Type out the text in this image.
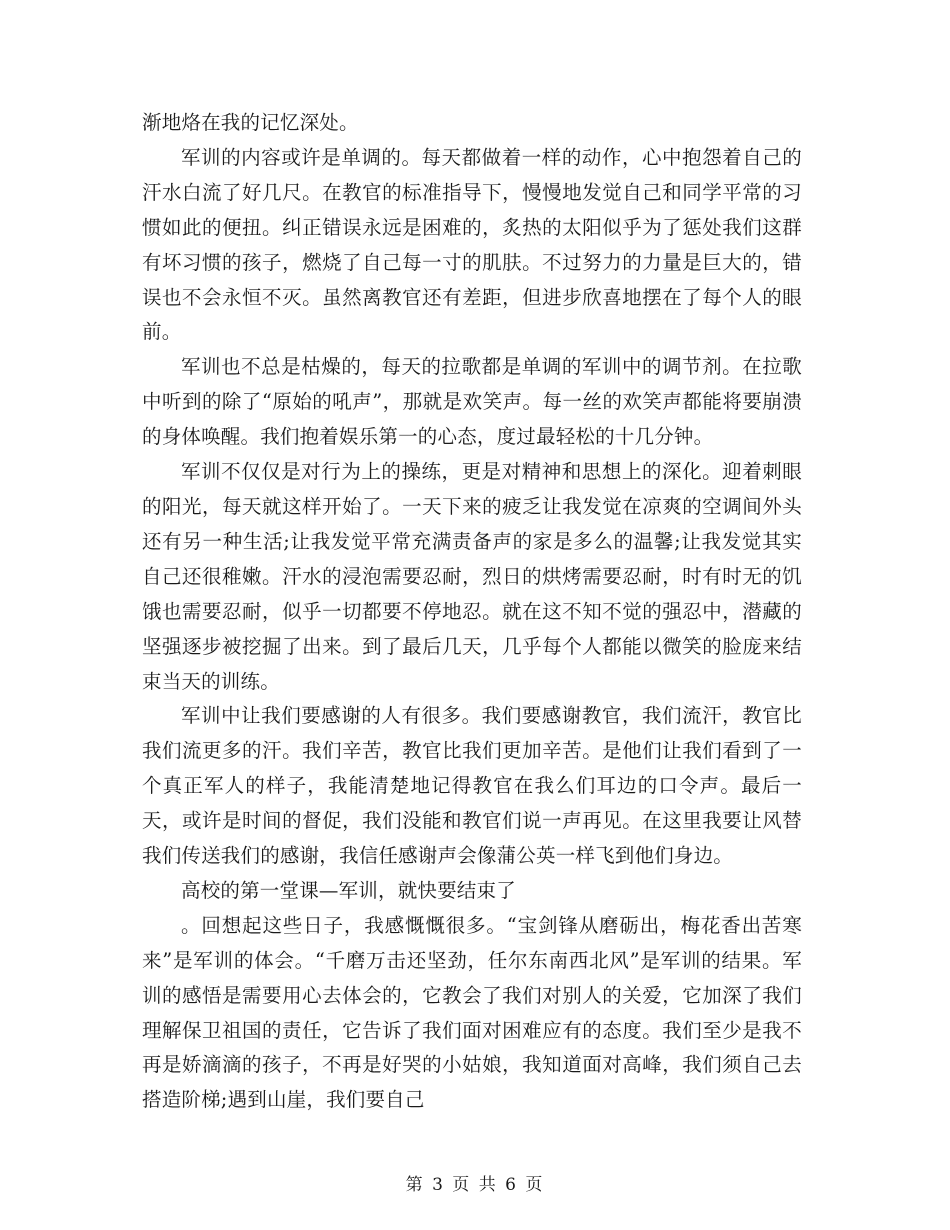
渐地烙在我的记忆深处。

军训的内容或许是单调的。每天都做着一样的动作，心中抱怨着自己的汗水白流了好几尺。在教官的标准指导下，慢慢地发觉自己和同学平常的习惯如此的便扭。纠正错误永远是困难的，炙热的太阳似乎为了惩处我们这群有坏习惯的孩子，燃烧了自己每一寸的肌肤。不过努力的力量是巨大的，错误也不会永恒不灭。虽然离教官还有差距，但进步欣喜地摆在了每个人的眼前。

军训也不总是枯燥的，每天的拉歌都是单调的军训中的调节剂。在拉歌中听到的除了“原始的吼声”，那就是欢笑声。每一丝的欢笑声都能将要崩溃的身体唤醒。我们抱着娱乐第一的心态，度过最轻松的十几分钟。

军训不仅仅是对行为上的操练，更是对精神和思想上的深化。迎着刺眼的阳光，每天就这样开始了。一天下来的疲乏让我发觉在凉爽的空调间外头还有另一种生活;让我发觉平常充满责备声的家是多么的温馨;让我发觉其实自己还很稚嫩。汗水的浸泡需要忍耐，烈日的烘烤需要忍耐，时有时无的饥饿也需要忍耐，似乎一切都要不停地忍。就在这不知不觉的强忍中，潜藏的坚强逐步被挖掘了出来。到了最后几天，几乎每个人都能以微笑的脸庞来结束当天的训练。

军训中让我们要感谢的人有很多。我们要感谢教官，我们流汗，教官比我们流更多的汗。我们辛苦，教官比我们更加辛苦。是他们让我们看到了一个真正军人的样子，我能清楚地记得教官在我么们耳边的口令声。最后一天，或许是时间的督促，我们没能和教官们说一声再见。在这里我要让风替我们传送我们的感谢，我信任感谢声会像蒲公英一样飞到他们身边。

高校的第一堂课—军训，就快要结束了

。回想起这些日子，我感慨慨很多。“宝剑锋从磨砺出，梅花香出苦寒来”是军训的体会。“千磨万击还坚劲，任尔东南西北风”是军训的结果。军训的感悟是需要用心去体会的，它教会了我们对别人的关爱，它加深了我们理解保卫祖国的责任，它告诉了我们面对困难应有的态度。我们至少是我不再是娇滴滴的孩子，不再是好哭的小姑娘，我知道面对高峰，我们须自己去搭造阶梯;遇到山崖，我们要自己

第 3 页 共 6 页
